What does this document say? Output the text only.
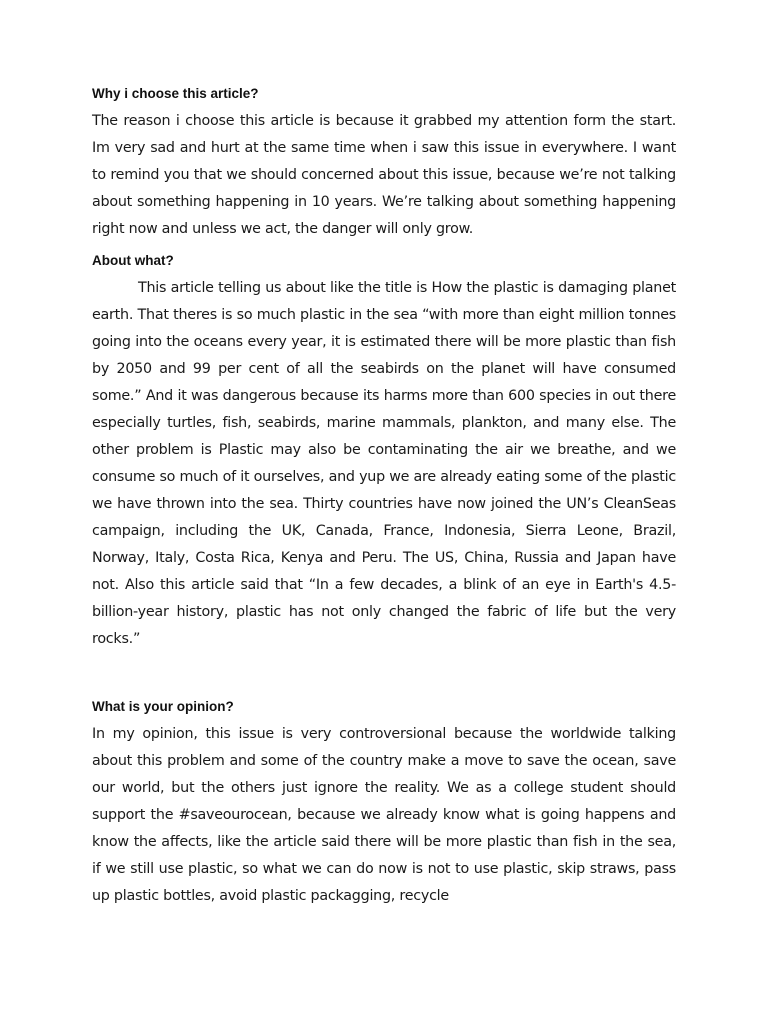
Why i choose this article?

The reason i choose this article is because it grabbed my attention form the start. Im very sad and hurt at the same time when i saw this issue in everywhere. I want to remind you that we should concerned about this issue, because we’re not talking about something happening in 10 years. We’re talking about something happening right now and unless we act, the danger will only grow.

About what?

This article telling us about like the title is How the plastic is damaging planet earth. That theres is so much plastic in the sea “with more than eight million tonnes going into the oceans every year, it is estimated there will be more plastic than fish by 2050 and 99 per cent of all the seabirds on the planet will have consumed some.” And it was dangerous because its harms more than 600 species in out there especially turtles, fish, seabirds, marine mammals, plankton, and many else. The other problem is Plastic may also be contaminating the air we breathe, and we consume so much of it ourselves, and yup we are already eating some of the plastic we have thrown into the sea. Thirty countries have now joined the UN’s CleanSeas campaign, including the UK, Canada, France, Indonesia, Sierra Leone, Brazil, Norway, Italy, Costa Rica, Kenya and Peru. The US, China, Russia and Japan have not. Also this article said that “In a few decades, a blink of an eye in Earth's 4.5-billion-year history, plastic has not only changed the fabric of life but the very rocks.”

What is your opinion?

In my opinion, this issue is very controversional because the worldwide talking about this problem and some of the country make a move to save the ocean, save our world, but the others just ignore the reality. We as a college student should support the #saveourocean, because we already know what is going happens and know the affects, like the article said there will be more plastic than fish in the sea, if we still use plastic, so what we can do now is not to use plastic, skip straws, pass up plastic bottles, avoid plastic packagging, recycle
